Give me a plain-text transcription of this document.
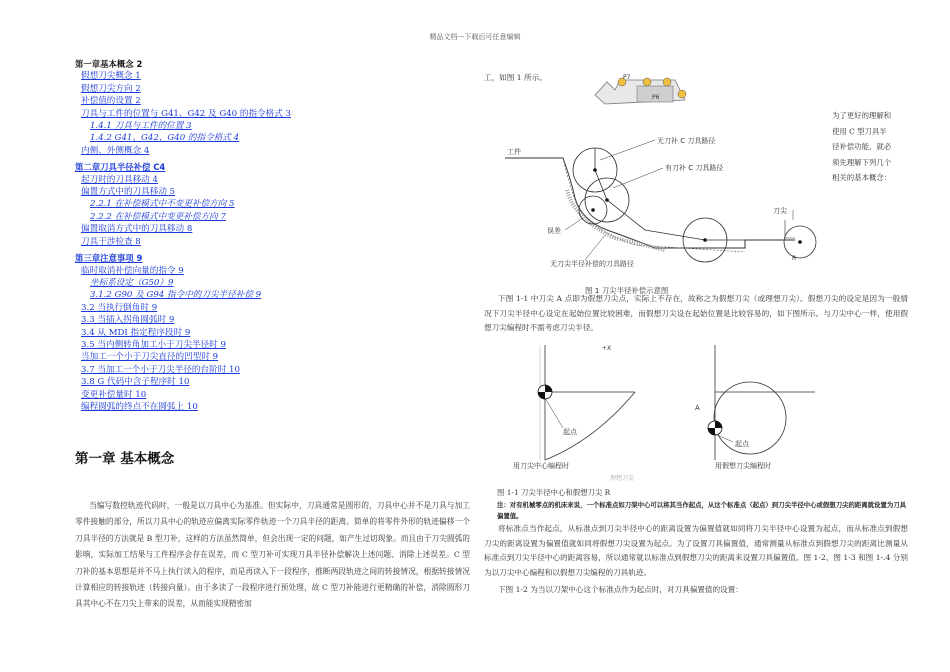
精品文档---下载后可任意编辑
第一章基本概念 2
假想刀尖概念 1
假想刀尖方向 2
补偿值的设置 2
刀具与工件的位置与 G41、G42 及 G40 的指令格式 3
1.4.1 刀具与工件的位置 3
1.4.2 G41、G42、G40 的指令格式 4
内侧、外侧概念 4
第二章刀具半径补偿 C4
起刀时的刀具移动 4
偏置方式中的刀具移动 5
2.2.1 在补偿模式中不变更补偿方向 5
2.2.2 在补偿模式中变更补偿方向 7
偏置取消方式中的刀具移动 8
刀具干涉检查 8
第三章注意事项 9
临时取消补偿向量的指令 9
坐标系设定（G50）9
3.1.2 G90 及 G94 指令中的刀尖半径补偿 9
3.2 当执行倒角时 9
3.3 当插入拐角圆弧时 9
3.4 从 MDI 指定程序段时 9
3.5 当内侧转角加工小于刀尖半径时 9
当加工一个小于刀尖直径的凹型时 9
3.7 当加工一个小于刀尖半径的台阶时 10
3.8 G 代码中含子程序时 10
变更补偿量时 10
编程圆弧的终点不在圆弧上 10
第一章 基本概念
当编写数控轨迹代码时，一般是以刀具中心为基准。但实际中，刀具通常是圆形的，刀具中心并不是刀具与加工零件接触的部分，所以刀具中心的轨迹应偏离实际零件轨迹一个刀具半径的距离。简单的将零件外形的轨迹偏移一个刀具半径的方法就是 B 型刀补，这样的方法虽然简单，但会出现一定的问题，如产生过切现象。而且由于刀尖圆弧的影响，实际加工结果与工件程序会存在误差，而 C 型刀补可实现刀具半径补偿解决上述问题、消除上述误差。C 型刀补的基本思想是并不马上执行读入的程序，而是再读入下一段程序，推断两段轨迹之间的转接情况，根据转接情况计算相应的转接轨迹（转接向量）。由于多读了一段程序进行预处理，故 C 型刀补能进行更精确的补偿，消除圆形刀具其中心不在刀尖上带来的误差，从而能实现精密加
工，如图 1 所示。
为了更好的理解和使用 C 型刀具半径补偿功能，就必须先理解下列几个相关的基本概念：
P7
P6
工件
无刀补 C 刀具路径
有刀补 C 刀具路径
误差
无刀尖半径补偿的刀具路径
刀尖
R
图 1 刀尖半径补偿示意图
下图 1-1 中刀尖 A 点即为假想刀尖点，实际上不存在，故称之为假想刀尖（或理想刀尖）。假想刀尖的设定是因为一般情况下刀尖半径中心设定在起始位置比较困难，而假想刀尖设在起始位置是比较容易的，如下图所示。与刀尖中心一样，使用假想刀尖编程时不需考虑刀尖半径。
+X
起点
用刀尖中心编程时
起点
A
用假想刀尖编程时
理想刀尖
图 1-1 刀尖半径中心和假想刀尖 R
注：对有机械零点的机床来说，一个标准点如刀架中心可以将其当作起点，从这个标准点（起点）到刀尖半径中心或假想刀尖的距离就设置为刀具偏置值。
将标准点当作起点，从标准点到刀尖半径中心的距离设置为偏置值就如同将刀尖半径中心设置为起点，而从标准点到假想刀尖的距离设置为偏置值就如同将假想刀尖设置为起点。为了设置刀具偏置值，通常测量从标准点到假想刀尖的距离比测量从标准点到刀尖半径中心的距离容易，所以通常就以标准点到假想刀尖的距离来设置刀具偏置值。图 1-2、图 1-3 和图 1-.4 分别为以刀尖中心编程和以假想刀尖编程的刀具轨迹。
下图 1-2 为当以刀架中心这个标准点作为起点时，对刀具偏置值的设置：
